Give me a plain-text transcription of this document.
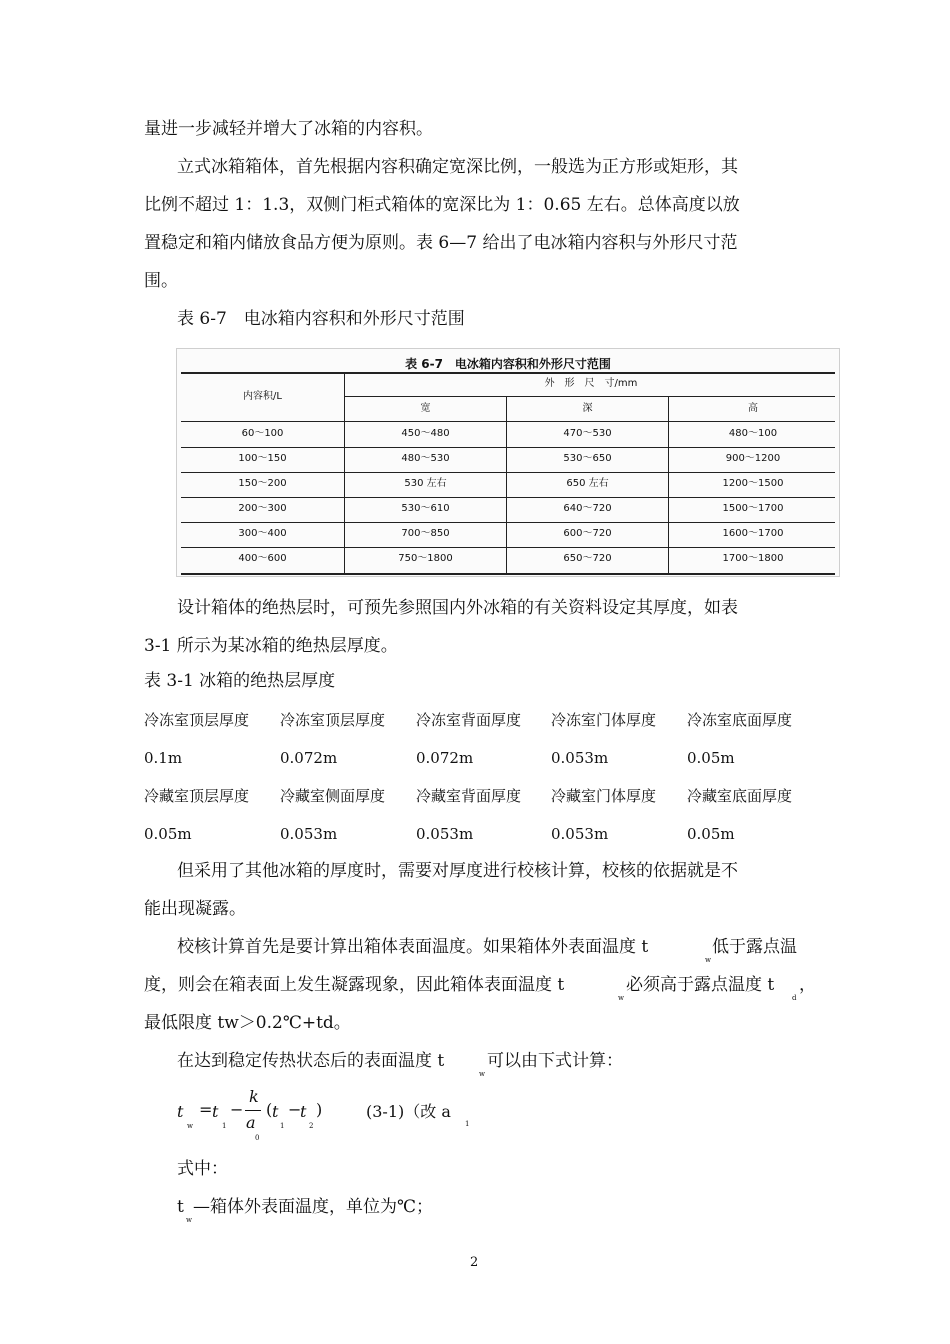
量进一步减轻并增大了冰箱的内容积。
立式冰箱箱体，首先根据内容积确定宽深比例，一般选为正方形或矩形，其
比例不超过 1：1.3，双侧门柜式箱体的宽深比为 1：0.65 左右。总体高度以放
置稳定和箱内储放食品方便为原则。表 6—7 给出了电冰箱内容积与外形尺寸范
围。
表 6-7　电冰箱内容积和外形尺寸范围
表 6-7　电冰箱内容积和外形尺寸范围
内容积/L
外　形　尺　寸/mm
宽	深	高
60～100	450～480	470～530	480～100
100～150	480～530	530～650	900～1200
150～200	530 左右	650 左右	1200～1500
200～300	530～610	640～720	1500～1700
300～400	700～850	600～720	1600～1700
400～600	750～1800	650～720	1700～1800
设计箱体的绝热层时，可预先参照国内外冰箱的有关资料设定其厚度，如表
3-1 所示为某冰箱的绝热层厚度。
表 3-1 冰箱的绝热层厚度
冷冻室顶层厚度 冷冻室顶层厚度 冷冻室背面厚度 冷冻室门体厚度 冷冻室底面厚度
0.1m	0.072m	0.072m	0.053m	0.05m
冷藏室顶层厚度 冷藏室侧面厚度 冷藏室背面厚度 冷藏室门体厚度 冷藏室底面厚度
0.05m	0.053m	0.053m	0.053m	0.05m
但采用了其他冰箱的厚度时，需要对厚度进行校核计算，校核的依据就是不
能出现凝露。
校核计算首先是要计算出箱体表面温度。如果箱体外表面温度 t
w
低于露点温
度，则会在箱表面上发生凝露现象，因此箱体表面温度 t
w
必须高于露点温度 t
d
，
最低限度 tw＞0.2℃+td。
在达到稳定传热状态后的表面温度 t
w
可以由下式计算：
t
w
= t
1
−
k
a
0
( t
1
−
t
2
)	(3-1)（改 a
1
式中：
t
w
—箱体外表面温度，单位为℃；
2
